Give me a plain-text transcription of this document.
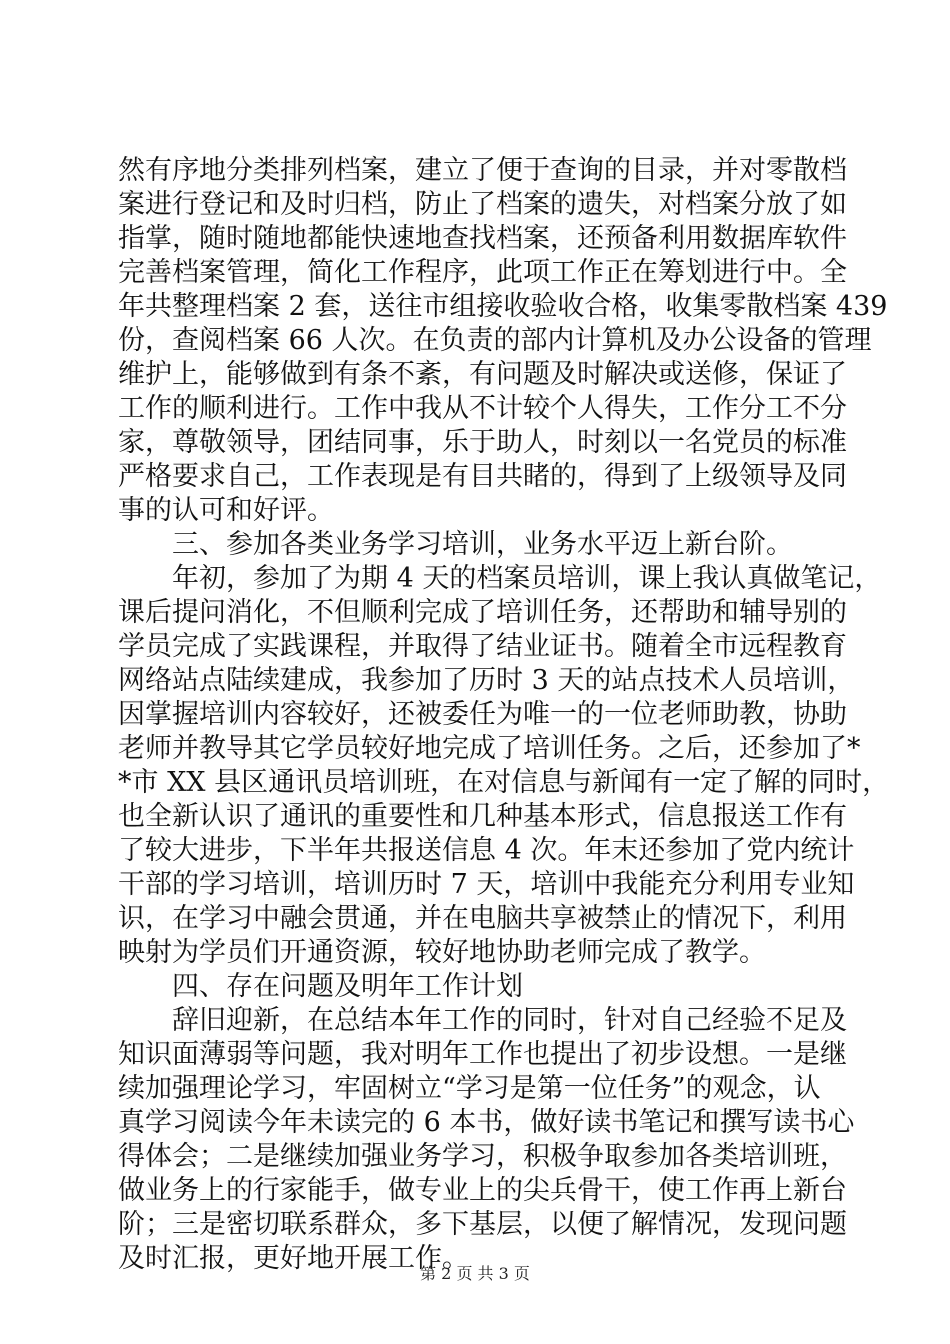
然有序地分类排列档案，建立了便于查询的目录，并对零散档
案进行登记和及时归档，防止了档案的遗失，对档案分放了如
指掌，随时随地都能快速地查找档案，还预备利用数据库软件
完善档案管理，简化工作程序，此项工作正在筹划进行中。全
年共整理档案 2 套，送往市组接收验收合格，收集零散档案 439
份，查阅档案 66 人次。在负责的部内计算机及办公设备的管理
维护上，能够做到有条不紊，有问题及时解决或送修，保证了
工作的顺利进行。工作中我从不计较个人得失，工作分工不分
家，尊敬领导，团结同事，乐于助人，时刻以一名党员的标准
严格要求自己，工作表现是有目共睹的，得到了上级领导及同
事的认可和好评。
三、参加各类业务学习培训，业务水平迈上新台阶。
年初，参加了为期 4 天的档案员培训，课上我认真做笔记，
课后提问消化，不但顺利完成了培训任务，还帮助和辅导别的
学员完成了实践课程，并取得了结业证书。随着全市远程教育
网络站点陆续建成，我参加了历时 3 天的站点技术人员培训，
因掌握培训内容较好，还被委任为唯一的一位老师助教，协助
老师并教导其它学员较好地完成了培训任务。之后，还参加了*
*市 XX 县区通讯员培训班，在对信息与新闻有一定了解的同时，
也全新认识了通讯的重要性和几种基本形式，信息报送工作有
了较大进步，下半年共报送信息 4 次。年末还参加了党内统计
干部的学习培训，培训历时 7 天，培训中我能充分利用专业知
识，在学习中融会贯通，并在电脑共享被禁止的情况下，利用
映射为学员们开通资源，较好地协助老师完成了教学。
四、存在问题及明年工作计划
辞旧迎新，在总结本年工作的同时，针对自己经验不足及
知识面薄弱等问题，我对明年工作也提出了初步设想。一是继
续加强理论学习，牢固树立“学习是第一位任务”的观念，认
真学习阅读今年未读完的 6 本书，做好读书笔记和撰写读书心
得体会；二是继续加强业务学习，积极争取参加各类培训班，
做业务上的行家能手，做专业上的尖兵骨干，使工作再上新台
阶；三是密切联系群众，多下基层，以便了解情况，发现问题
及时汇报，更好地开展工作。
第 2 页 共 3 页
